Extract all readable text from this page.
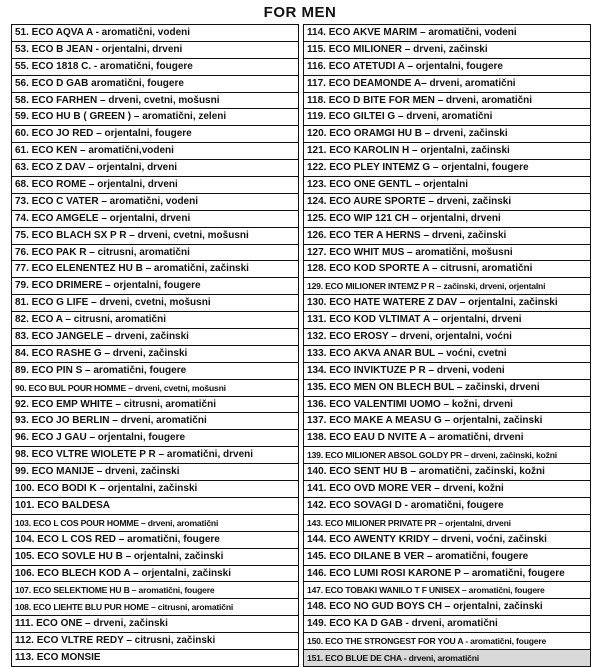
FOR MEN
51. ECO AQVA A - aromatični, vodeni
53. ECO B JEAN - orjentalni, drveni
55. ECO 1818 C. - aromatični, fougere
56. ECO D GAB aromatični, fougere
58. ECO FARHEN – drveni, cvetni, mošusni
59. ECO HU B ( GREEN ) – aromatični, zeleni
60. ECO JO RED – orjentalni, fougere
61. ECO KEN – aromatični,vodeni
63. ECO Z DAV – orjentalni, drveni
68. ECO ROME – orjentalni, drveni
73. ECO C VATER – aromatični, vodeni
74. ECO AMGELE – orjentalni, drveni
75. ECO BLACH SX P R – drveni, cvetni, mošusni
76. ECO PAK R – citrusni, aromatični
77. ECO ELENENTEZ HU B – aromatični, začinski
79. ECO DRIMERE – orjentalni, fougere
81. ECO G LIFE – drveni, cvetni, mošusni
82. ECO A – citrusni, aromatični
83. ECO JANGELE – drveni, začinski
84. ECO RASHE G – drveni, začinski
89. ECO PIN S – aromatični, fougere
90. ECO BUL POUR HOMME – drveni, cvetni, mošusni
92. ECO EMP WHITE – citrusni, aromatični
93. ECO JO BERLIN – drveni, aromatični
96. ECO J GAU – orjentalni, fougere
98. ECO VLTRE WIOLETE P R – aromatični, drveni
99. ECO MANIJE – drveni, začinski
100. ECO BODI K – orjentalni, začinski
101. ECO BALDESA
103. ECO L COS POUR HOMME – drveni, aromatični
104. ECO L COS RED – aromatični, fougere
105. ECO SOVLE HU B – orjentalni, začinski
106. ECO BLECH KOD A – orjentalni, začinski
107. ECO SELEKTIOME HU B – aromatični, fougere
108. ECO LIEHTE BLU PUR HOME – citrusni, aromatični
111. ECO ONE – drveni, začinski
112. ECO VLTRE REDY – citrusni, začinski
113. ECO MONSIE
114. ECO AKVE MARIM – aromatični, vodeni
115. ECO MILIONER – drveni, začinski
116. ECO ATETUDI A – orjentalni, fougere
117. ECO DEAMONDE A– drveni, aromatični
118. ECO D BITE FOR MEN – drveni, aromatični
119. ECO GILTEI G – drveni, aromatični
120. ECO ORAMGI HU B – drveni, začinski
121. ECO KAROLIN H – orjentalni, začinski
122. ECO PLEY INTEMZ G – orjentalni, fougere
123. ECO ONE GENTL – orjentalni
124. ECO AURE SPORTE – drveni, začinski
125. ECO WIP 121 CH – orjentalni, drveni
126. ECO TER A HERNS – drveni, začinski
127. ECO WHIT MUS – aromatični, mošusni
128. ECO KOD SPORTE A – citrusni, aromatični
129. ECO MILIONER INTEMZ P R – začinski, drveni, orjentalni
130. ECO HATE WATERE Z DAV – orjentalni, začinski
131. ECO KOD VLTIMAT A – orjentalni, drveni
132. ECO EROSY – drveni, orjentalni, voćni
133. ECO AKVA ANAR BUL – voćni, cvetni
134. ECO INVIKTUZE P R – drveni, vodeni
135. ECO MEN ON BLECH BUL – začinski, drveni
136. ECO VALENTIMI UOMO – kožni, drveni
137. ECO MAKE A MEASU G – orjentalni, začinski
138. ECO EAU D NVITE A – aromatični, drveni
139. ECO MILIONER ABSOL GOLDY PR – drveni, začinski, kožni
140. ECO SENT HU B – aromatični, začinski, kožni
141. ECO OVD MORE VER – drveni, kožni
142. ECO SOVAGI D - aromatični, fougere
143. ECO MILIONER PRIVATE PR – orjentalni, drveni
144. ECO AWENTY KRIDY – drveni, voćni, začinski
145. ECO DILANE B VER – aromatični, fougere
146. ECO LUMI ROSI KARONE P – aromatični, fougere
147. ECO TOBAKI WANILO T F UNISEX – aromatični, fougere
148. ECO NO GUD BOYS CH – orjentalni, začinski
149. ECO KA D GAB - drveni, aromatični
150. ECO THE STRONGEST FOR YOU A - aromatični, fougere
151. ECO BLUE DE CHA - drveni, aromatični
